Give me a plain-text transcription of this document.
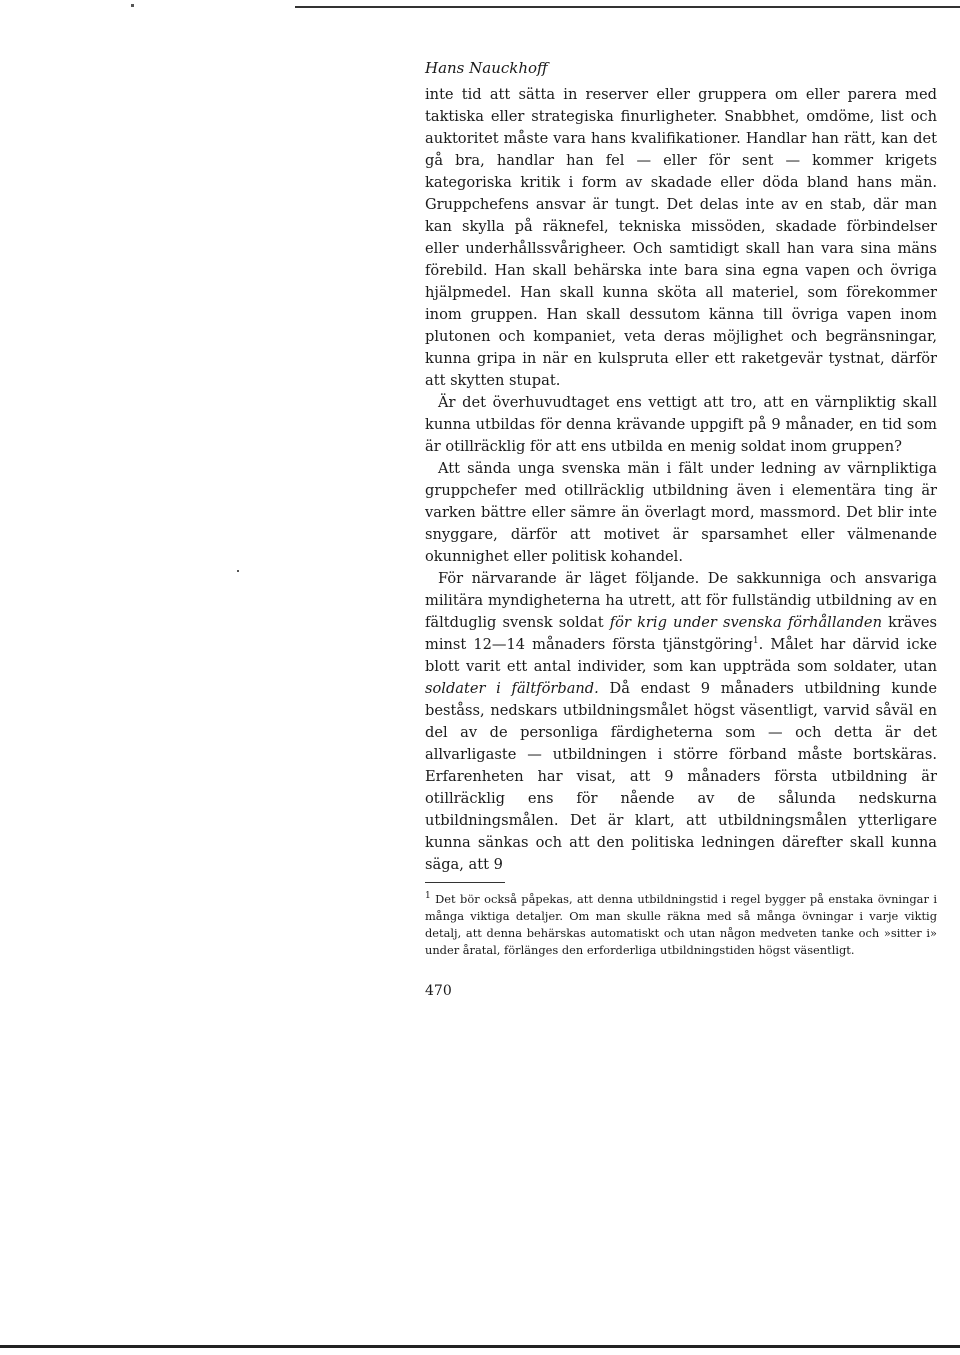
Hans Nauckhoff

inte tid att sätta in reserver eller gruppera om eller parera med taktiska eller strategiska finurligheter. Snabbhet, omdöme, list och auktoritet måste vara hans kvalifikationer. Handlar han rätt, kan det gå bra, handlar han fel — eller för sent — kommer krigets kategoriska kritik i form av skadade eller döda bland hans män. Gruppchefens ansvar är tungt. Det delas inte av en stab, där man kan skylla på räknefel, tekniska missöden, skadade förbindelser eller underhållssvårigheer. Och samtidigt skall han vara sina mäns förebild. Han skall behärska inte bara sina egna vapen och övriga hjälpmedel. Han skall kunna sköta all materiel, som förekommer inom gruppen. Han skall dessutom känna till övriga vapen inom plutonen och kompaniet, veta deras möjlighet och begränsningar, kunna gripa in när en kulspruta eller ett raketgevär tystnat, därför att skytten stupat.

Är det överhuvudtaget ens vettigt att tro, att en värnpliktig skall kunna utbildas för denna krävande uppgift på 9 månader, en tid som är otillräcklig för att ens utbilda en menig soldat inom gruppen?

Att sända unga svenska män i fält under ledning av värnpliktiga gruppchefer med otillräcklig utbildning även i elementära ting är varken bättre eller sämre än överlagt mord, massmord. Det blir inte snyggare, därför att motivet är sparsamhet eller välmenande okunnighet eller politisk kohandel.

För närvarande är läget följande. De sakkunniga och ansvariga militära myndigheterna ha utrett, att för fullständig utbildning av en fältduglig svensk soldat för krig under svenska förhållanden kräves minst 12—14 månaders första tjänstgöring$^1$. Målet har därvid icke blott varit ett antal individer, som kan uppträda som soldater, utan soldater i fältförband. Då endast 9 månaders utbildning kunde beståss, nedskars utbildningsmålet högst väsentligt, varvid såväl en del av de personliga färdigheterna som — och detta är det allvarligaste — utbildningen i större förband måste bortskäras. Erfarenheten har visat, att 9 månaders första utbildning är otillräcklig ens för nående av de sålunda nedskurna utbildningsmålen. Det är klart, att utbildningsmålen ytterligare kunna sänkas och att den politiska ledningen därefter skall kunna säga, att 9

$^1$ Det bör också påpekas, att denna utbildningstid i regel bygger på enstaka övningar i många viktiga detaljer. Om man skulle räkna med så många övningar i varje viktig detalj, att denna behärskas automatiskt och utan någon medveten tanke och »sitter i» under åratal, förlänges den erforderliga utbildningstiden högst väsentligt.

470
